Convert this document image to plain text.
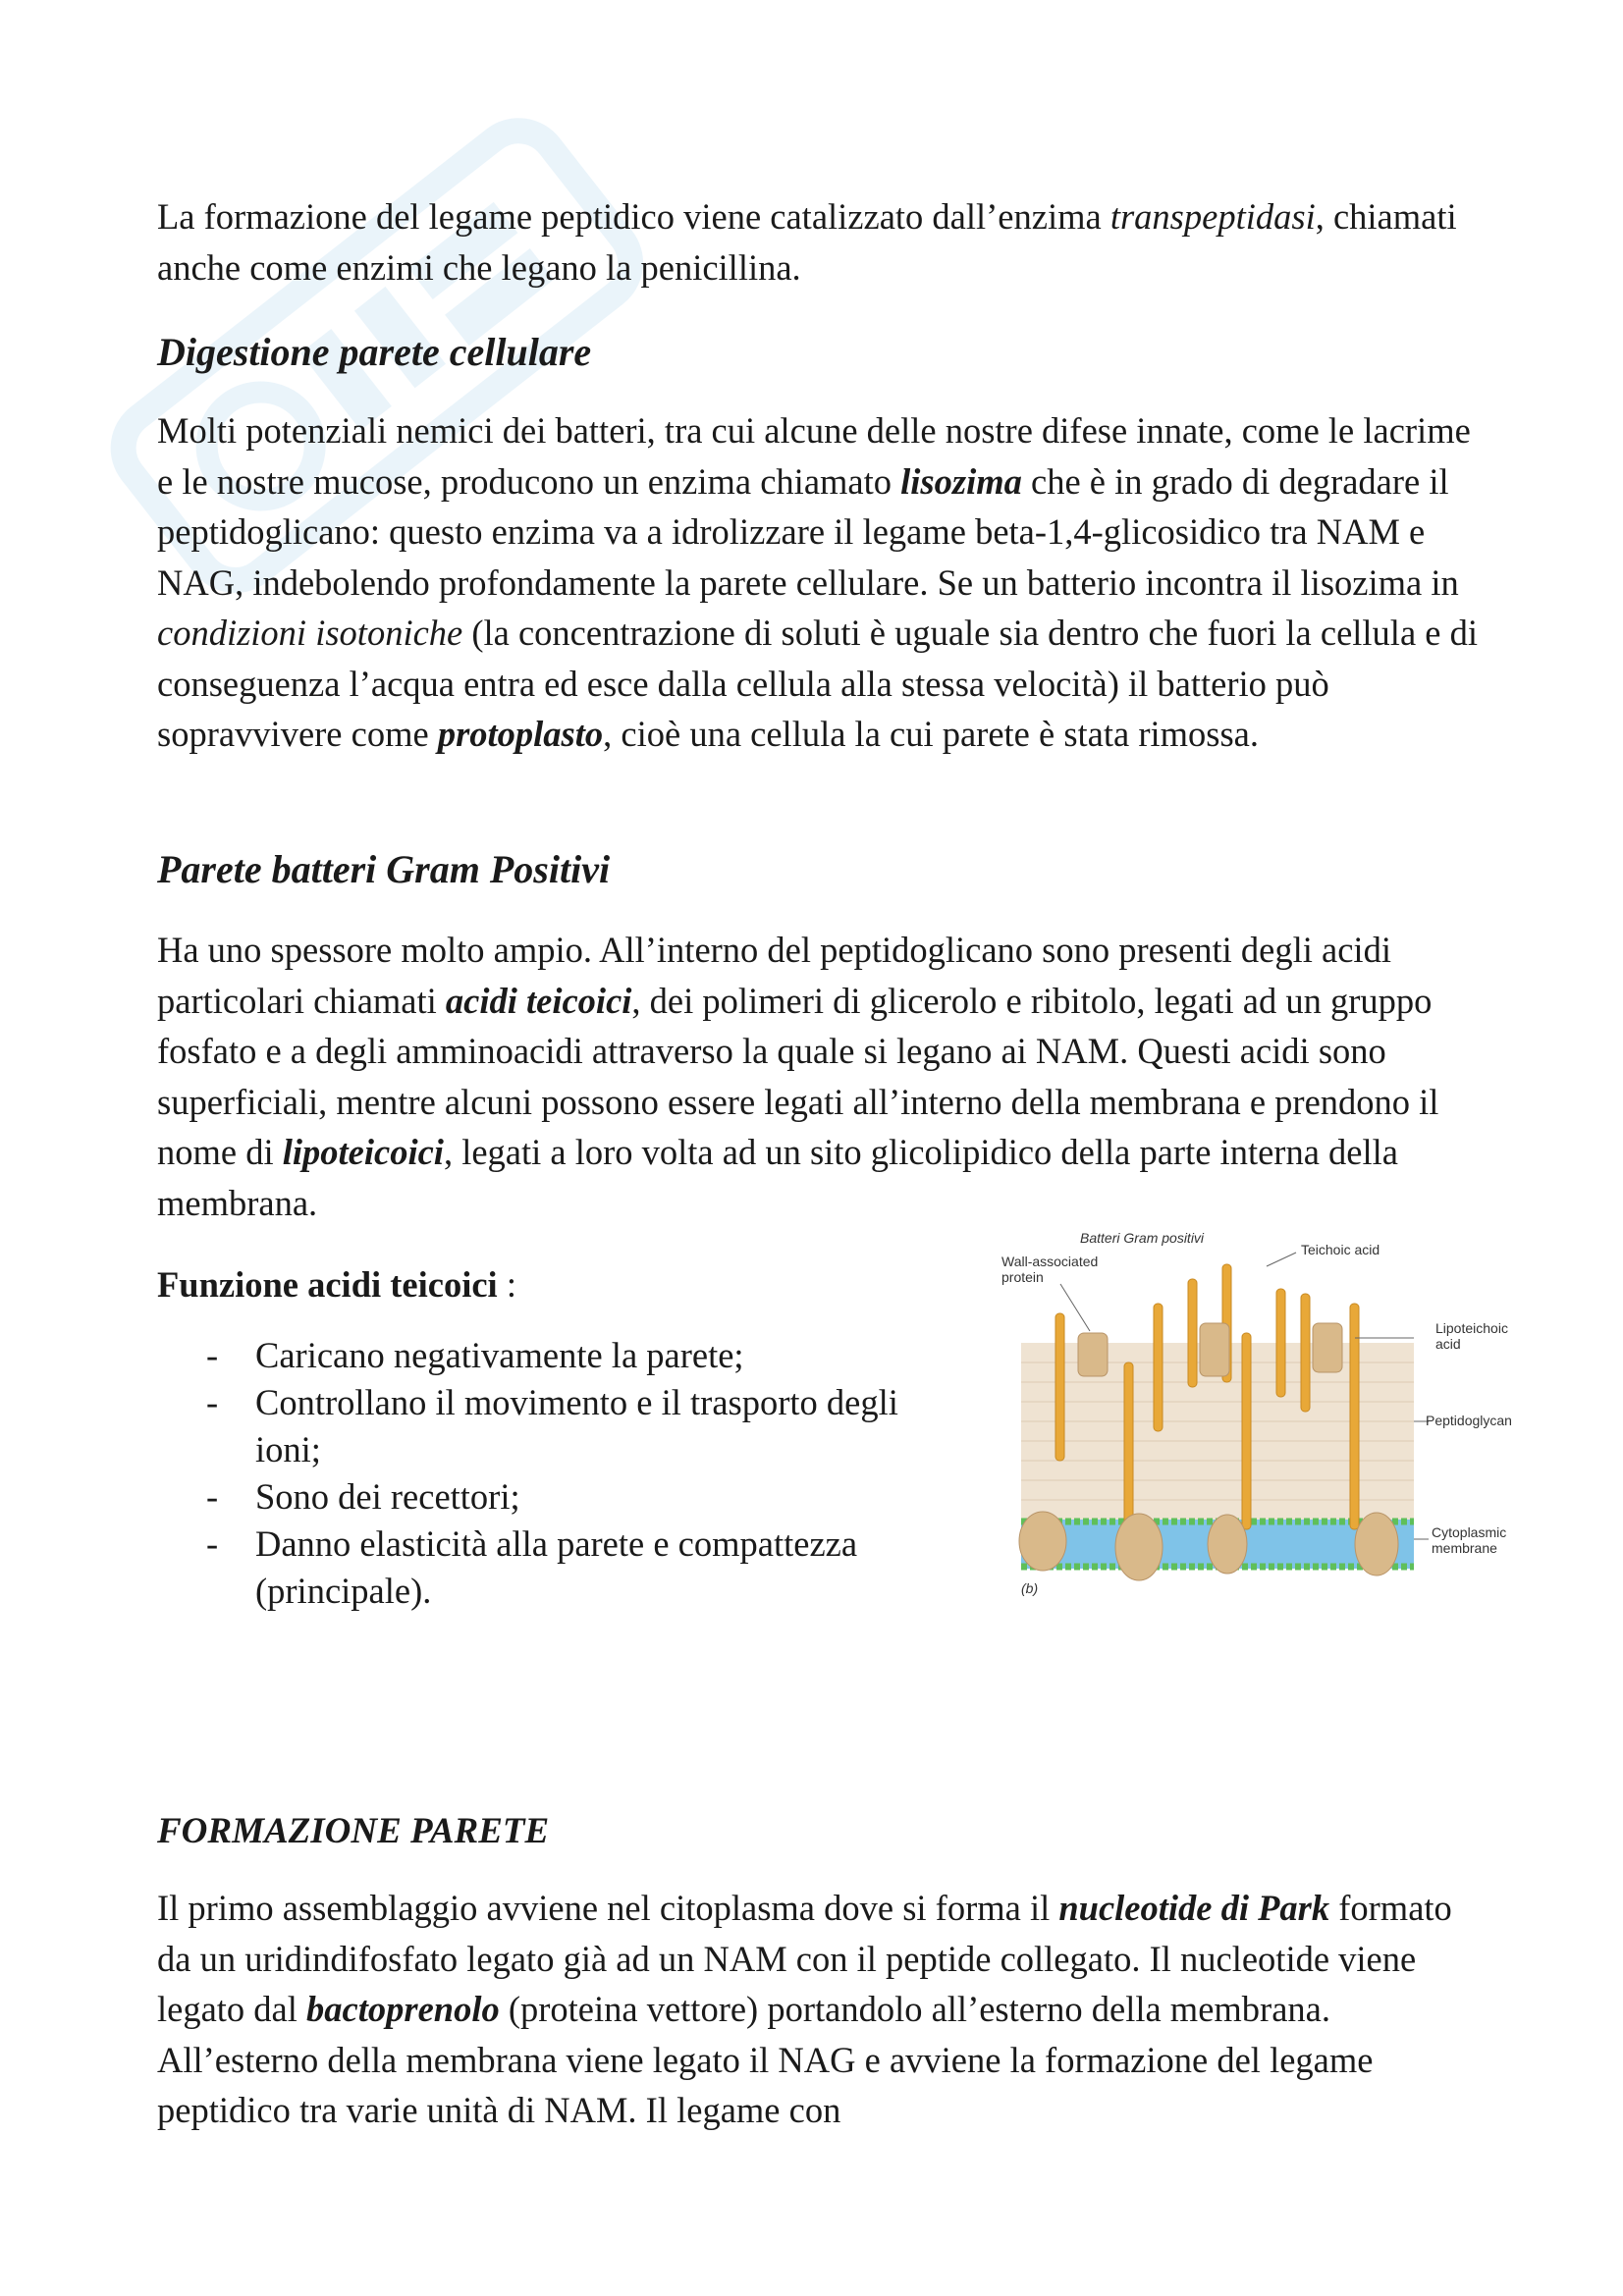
La formazione del legame peptidico viene catalizzato dall’enzima transpeptidasi, chiamati anche come enzimi che legano la penicillina.

Digestione parete cellulare

Molti potenziali nemici dei batteri, tra cui alcune delle nostre difese innate, come le lacrime e le nostre mucose, producono un enzima chiamato lisozima che è in grado di degradare il peptidoglicano: questo enzima va a idrolizzare il legame beta-1,4-glicosidico tra NAM e NAG, indebolendo profondamente la parete cellulare. Se un batterio incontra il lisozima in condizioni isotoniche (la concentrazione di soluti è uguale sia dentro che fuori la cellula e di conseguenza l’acqua entra ed esce dalla cellula alla stessa velocità) il batterio può sopravvivere come protoplasto, cioè una cellula la cui parete è stata rimossa.

Parete batteri Gram Positivi

Ha uno spessore molto ampio. All’interno del peptidoglicano sono presenti degli acidi particolari chiamati acidi teicoici, dei polimeri di glicerolo e ribitolo, legati ad un gruppo fosfato e a degli amminoacidi attraverso la quale si legano ai NAM. Questi acidi sono superficiali, mentre alcuni possono essere legati all’interno della membrana e prendono il nome di lipoteicoici, legati a loro volta ad un sito glicolipidico della parte interna della membrana.

Funzione acidi teicoici :

- Caricano negativamente la parete;
- Controllano il movimento e il trasporto degli ioni;
- Sono dei recettori;
- Danno elasticità alla parete e compattezza (principale).
Batteri Gram positivi
Wall-associated
protein
Teichoic acid
Lipoteichoic
acid
Peptidoglycan
Cytoplasmic
membrane
(b)
FORMAZIONE PARETE

Il primo assemblaggio avviene nel citoplasma dove si forma il nucleotide di Park formato da un uridindifosfato legato già ad un NAM con il peptide collegato. Il nucleotide viene legato dal bactoprenolo (proteina vettore) portandolo all’esterno della membrana. All’esterno della membrana viene legato il NAG e avviene la formazione del legame peptidico tra varie unità di NAM. Il legame con
